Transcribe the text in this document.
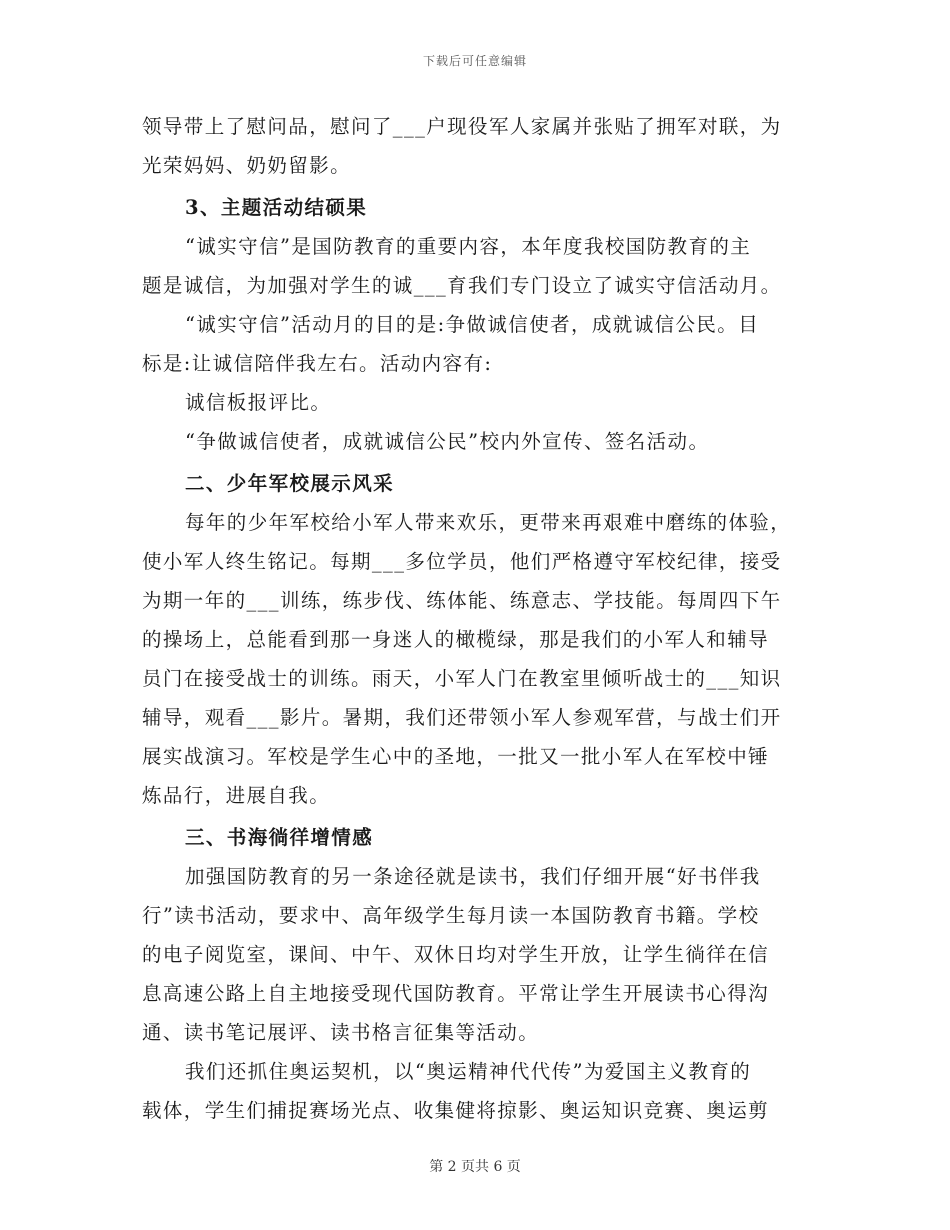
下载后可任意编辑

领导带上了慰问品，慰问了___户现役军人家属并张贴了拥军对联，为

光荣妈妈、奶奶留影。

3、主题活动结硕果

“诚实守信”是国防教育的重要内容，本年度我校国防教育的主

题是诚信，为加强对学生的诚___育我们专门设立了诚实守信活动月。

“诚实守信”活动月的目的是:争做诚信使者，成就诚信公民。目

标是:让诚信陪伴我左右。活动内容有:

诚信板报评比。

“争做诚信使者，成就诚信公民”校内外宣传、签名活动。

二、少年军校展示风采

每年的少年军校给小军人带来欢乐，更带来再艰难中磨练的体验，

使小军人终生铭记。每期___多位学员，他们严格遵守军校纪律，接受

为期一年的___训练，练步伐、练体能、练意志、学技能。每周四下午

的操场上，总能看到那一身迷人的橄榄绿，那是我们的小军人和辅导

员门在接受战士的训练。雨天，小军人门在教室里倾听战士的___知识

辅导，观看___影片。暑期，我们还带领小军人参观军营，与战士们开

展实战演习。军校是学生心中的圣地，一批又一批小军人在军校中锤

炼品行，进展自我。

三、书海徜徉增情感

加强国防教育的另一条途径就是读书，我们仔细开展“好书伴我

行”读书活动，要求中、高年级学生每月读一本国防教育书籍。学校

的电子阅览室，课间、中午、双休日均对学生开放，让学生徜徉在信

息高速公路上自主地接受现代国防教育。平常让学生开展读书心得沟

通、读书笔记展评、读书格言征集等活动。

我们还抓住奥运契机，以“奥运精神代代传”为爱国主义教育的

载体，学生们捕捉赛场光点、收集健将掠影、奥运知识竞赛、奥运剪

第 2 页共 6 页
